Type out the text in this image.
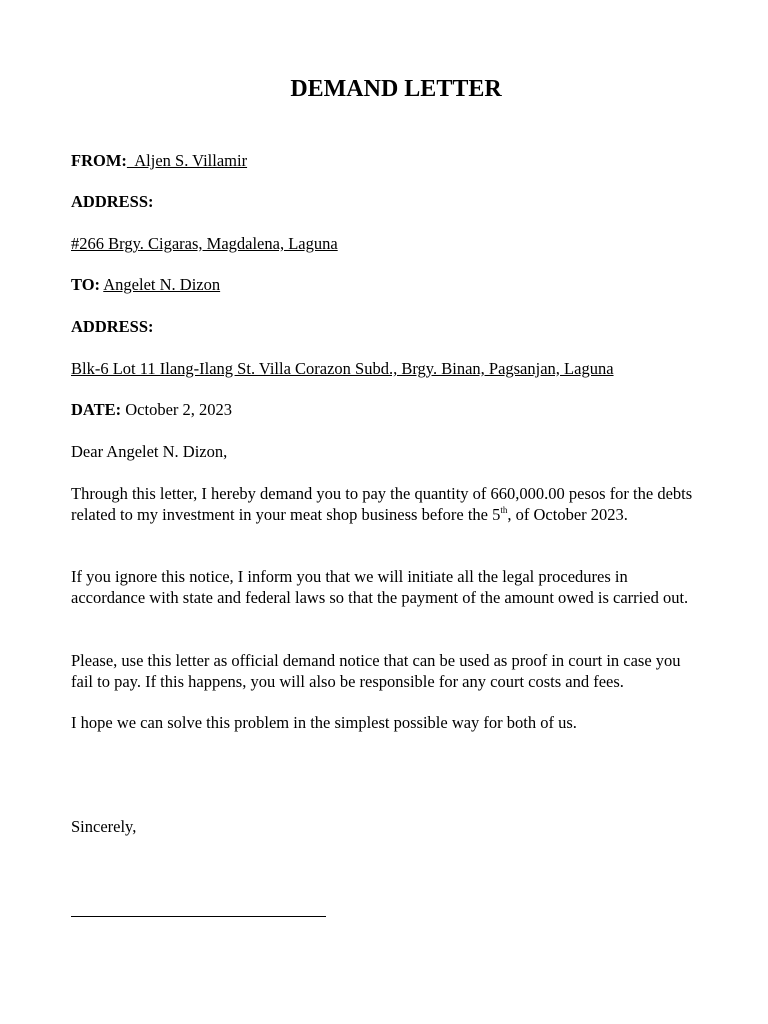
DEMAND LETTER

FROM:  Aljen S. Villamir

ADDRESS:

#266 Brgy. Cigaras, Magdalena, Laguna

TO: Angelet N. Dizon

ADDRESS:

Blk-6 Lot 11 Ilang-Ilang St. Villa Corazon Subd., Brgy. Binan, Pagsanjan, Laguna

DATE: October 2, 2023

Dear Angelet N. Dizon,

Through this letter, I hereby demand you to pay the quantity of 660,000.00 pesos for the debts related to my investment in your meat shop business before the 5th, of October 2023.

If you ignore this notice, I inform you that we will initiate all the legal procedures in accordance with state and federal laws so that the payment of the amount owed is carried out.

Please, use this letter as official demand notice that can be used as proof in court in case you fail to pay. If this happens, you will also be responsible for any court costs and fees.

I hope we can solve this problem in the simplest possible way for both of us.

Sincerely,
